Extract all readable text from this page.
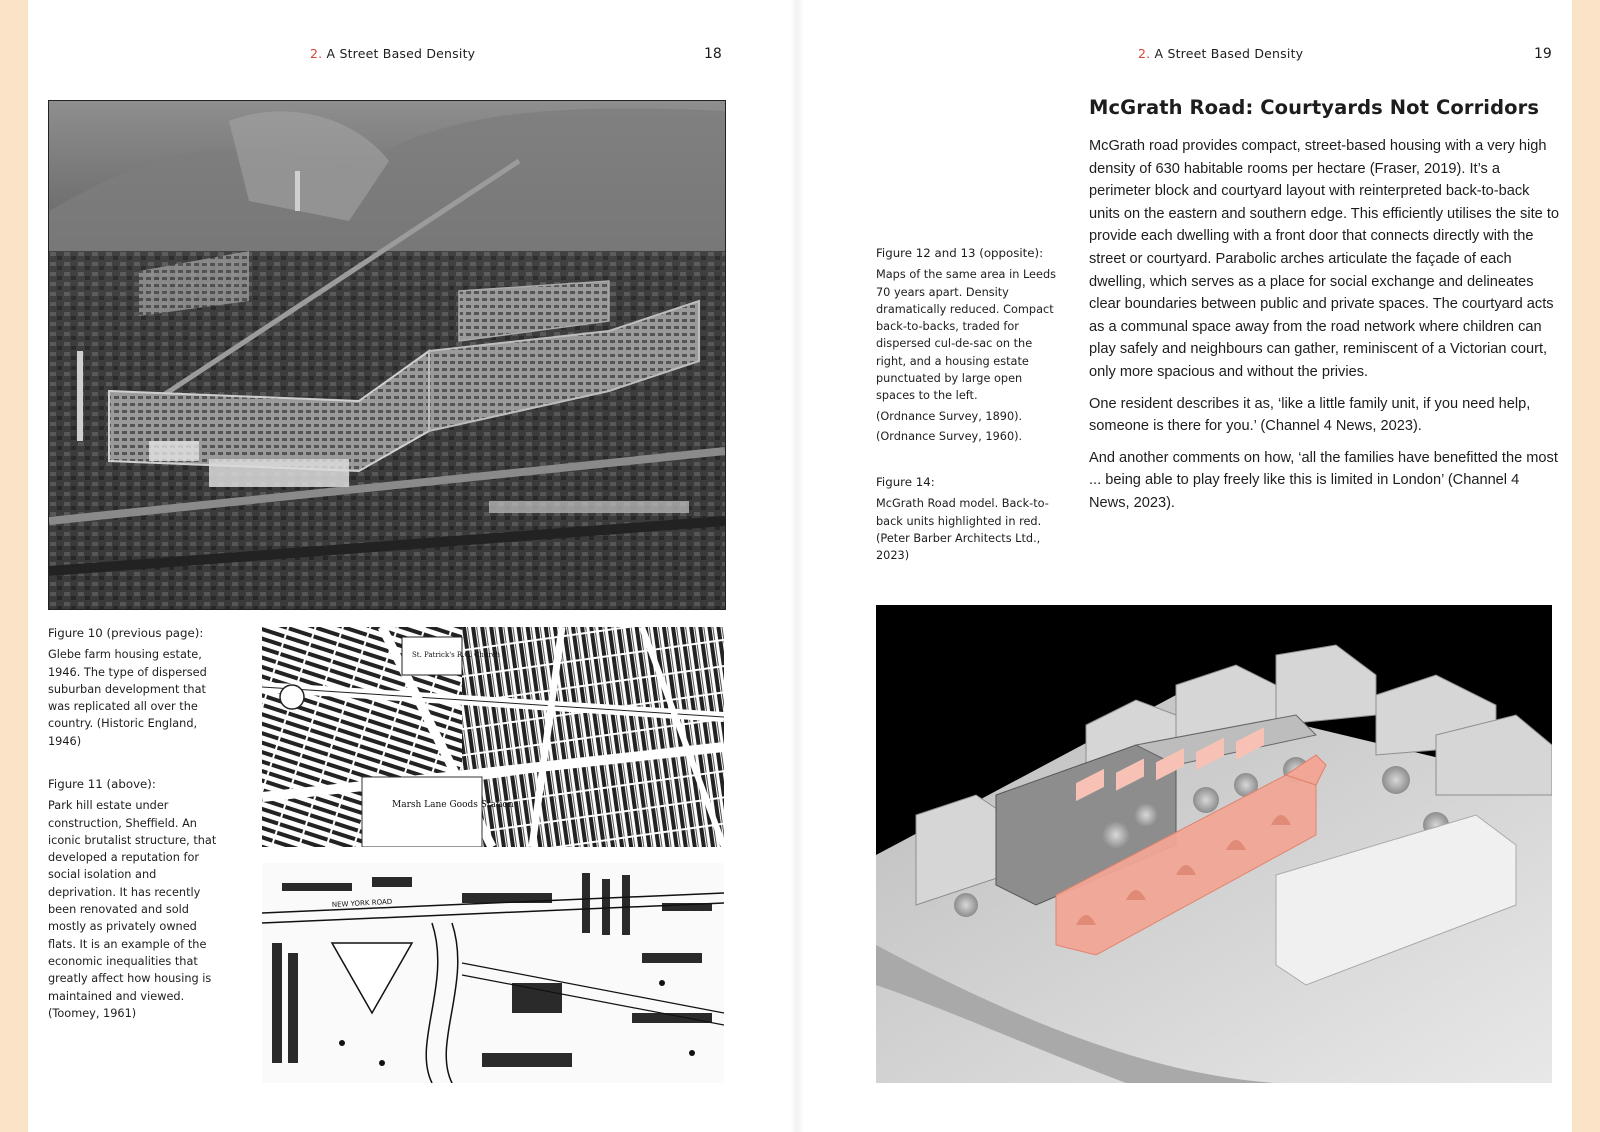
2. A Street Based Density	18	2. A Street Based Density	19
Figure 10 (previous page):
Glebe farm housing estate, 1946. The type of dispersed suburban development that was replicated all over the country. (Historic England, 1946)
Figure 11 (above):
Park hill estate under construction, Sheffield. An iconic brutalist structure, that developed a reputation for social isolation and deprivation. It has recently been renovated and sold mostly as privately owned flats. It is an example of the economic inequalities that greatly affect how housing is maintained and viewed. (Toomey, 1961)
St. Patrick's R.C. Church
Marsh Lane Goods Station
NEW YORK ROAD
McGrath Road: Courtyards Not Corridors

McGrath road provides compact, street-based housing with a very high density of 630 habitable rooms per hectare (Fraser, 2019). It’s a perimeter block and courtyard layout with reinterpreted back-to-back units on the eastern and southern edge. This efficiently utilises the site to provide each dwelling with a front door that connects directly with the street or courtyard. Parabolic arches articulate the façade of each dwelling, which serves as a place for social exchange and delineates clear boundaries between public and private spaces. The courtyard acts as a communal space away from the road network where children can play safely and neighbours can gather, reminiscent of a Victorian court, only more spacious and without the privies.

One resident describes it as, ‘like a little family unit, if you need help, someone is there for you.’ (Channel 4 News, 2023).

And another comments on how, ‘all the families have benefitted the most ... being able to play freely like this is limited in London’ (Channel 4 News, 2023).

Figure 12 and 13 (opposite):
Maps of the same area in Leeds 70 years apart. Density dramatically reduced. Compact back-to-backs, traded for dispersed cul-de-sac on the right, and a housing estate punctuated by large open spaces to the left.
(Ordnance Survey, 1890).
(Ordnance Survey, 1960).
Figure 14:
McGrath Road model. Back-to-back units highlighted in red. (Peter Barber Architects Ltd., 2023)
